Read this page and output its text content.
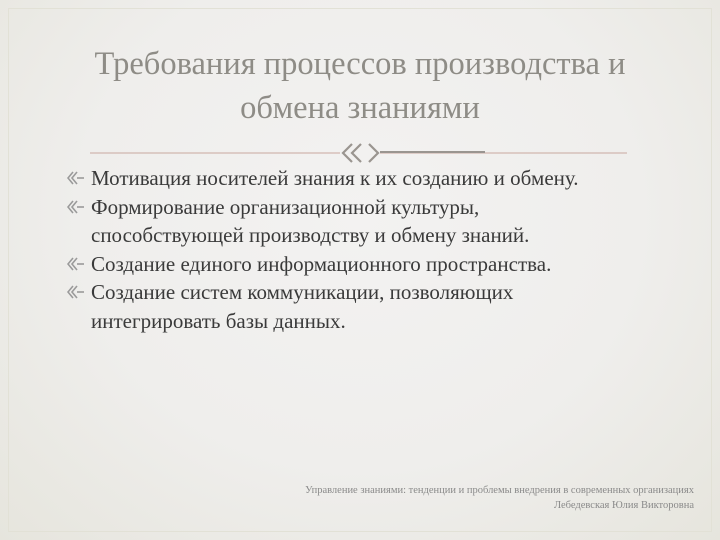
Требования процессов производства и
обмена знаниями
Мотивация носителей знания к их созданию и обмену.
Формирование организационной культуры,
способствующей производству и обмену знаний.
Создание единого информационного пространства.
Создание систем коммуникации, позволяющих
интегрировать базы данных.
Управление знаниями: тенденции и проблемы внедрения в современных организациях
Лебедевская Юлия Викторовна
